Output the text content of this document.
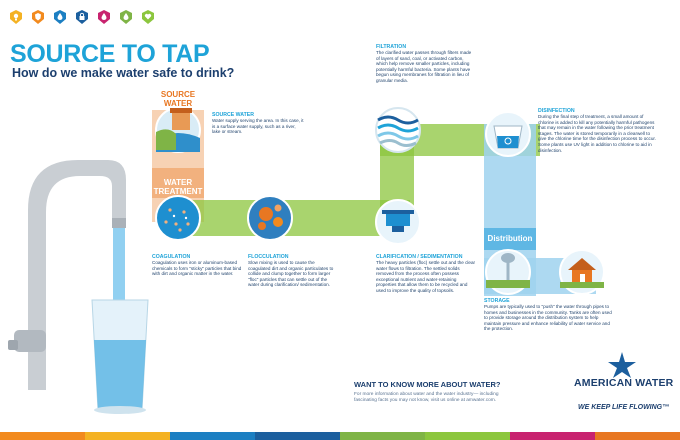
SOURCE TO TAP
How do we make water safe to drink?
SOURCE WATER
WATER TREATMENT
Distribution
SOURCE WATER
Water supply serving the area. In this case, it is a surface water supply, such as a river, lake or stream.
COAGULATION
Coagulation uses iron or aluminum-based chemicals to form "sticky" particles that bind with dirt and organic matter in the water.
FLOCCULATION
Slow mixing is used to cause the coagulated dirt and organic particulates to collide and clump together to form larger "floc" particles that can settle out of the water during clarification/ sedimentation.
CLARIFICATION / SEDIMENTATION
The heavy particles (floc) settle out and the clear water flows to filtration. The settled solids removed from the process often possess exceptional nutrient and water-retaining properties that allow them to be recycled and used to improve the quality of topsoils.
FILTRATION
The clarified water passes through filters made of layers of sand, coal, or activated carbon, which help remove smaller particles, including potentially harmful bacteria. Some plants have begun using membranes for filtration in lieu of granular media.
DISINFECTION
During the final step of treatment, a small amount of chlorine is added to kill any potentially harmful pathogens that may remain in the water following the prior treatment stages. The water is stored temporarily in a clearwell to give the chlorine time for the disinfection process to occur. Some plants use UV light in addition to chlorine to aid in disinfection.
STORAGE
Pumps are typically used to "push" the water through pipes to homes and businesses in the community. Tanks are often used to provide storage around the distribution system to help maintain pressure and enhance reliability of water service and the protection.
WANT TO KNOW MORE ABOUT WATER?
For more information about water and the water industry— including fascinating facts you may not know, visit us online at amwater.com.
AMERICAN WATER
WE KEEP LIFE FLOWING™
